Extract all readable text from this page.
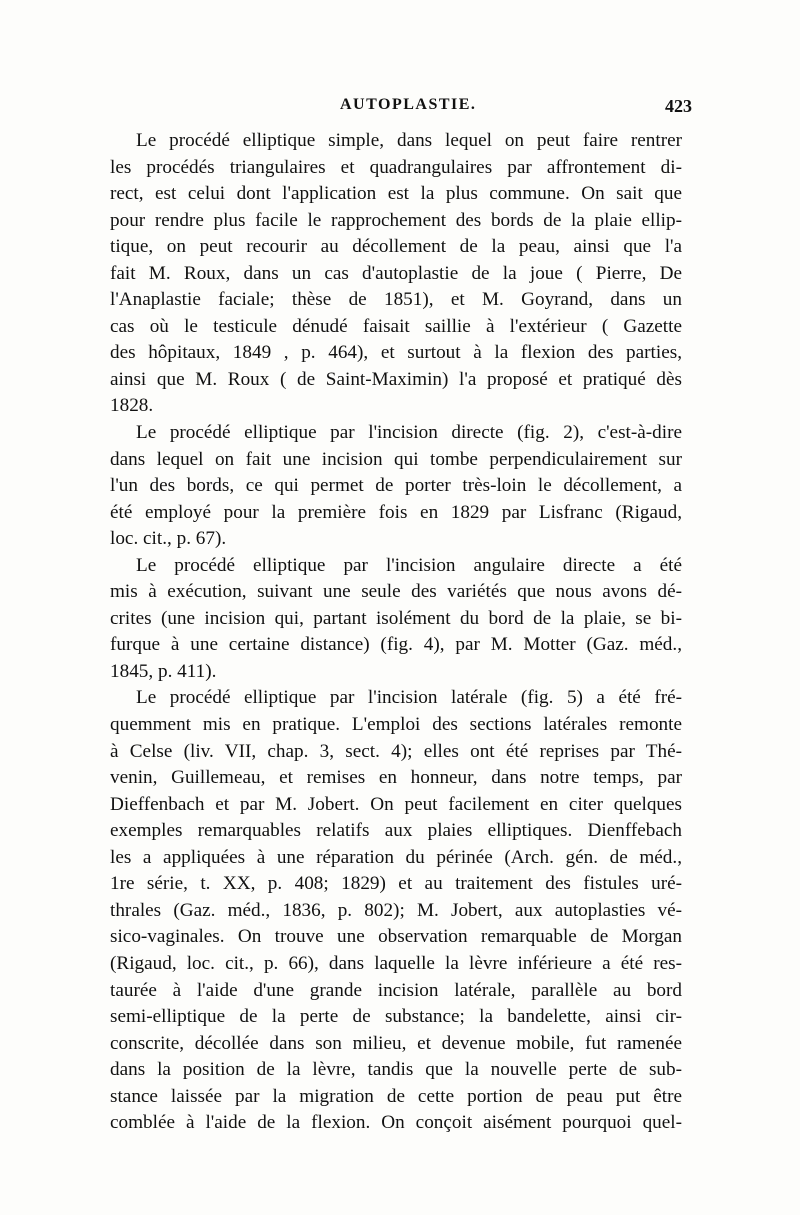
AUTOPLASTIE.	423
Le procédé elliptique simple, dans lequel on peut faire rentrer
les procédés triangulaires et quadrangulaires par affrontement di-
rect, est celui dont l'application est la plus commune. On sait que
pour rendre plus facile le rapprochement des bords de la plaie ellip-
tique, on peut recourir au décollement de la peau, ainsi que l'a
fait M. Roux, dans un cas d'autoplastie de la joue ( Pierre, De
l'Anaplastie faciale; thèse de 1851), et M. Goyrand, dans un
cas où le testicule dénudé faisait saillie à l'extérieur ( Gazette
des hôpitaux, 1849 , p. 464), et surtout à la flexion des parties,
ainsi que M. Roux ( de Saint-Maximin) l'a proposé et pratiqué dès
1828.
Le procédé elliptique par l'incision directe (fig. 2), c'est-à-dire
dans lequel on fait une incision qui tombe perpendiculairement sur
l'un des bords, ce qui permet de porter très-loin le décollement, a
été employé pour la première fois en 1829 par Lisfranc (Rigaud,
loc. cit., p. 67).
Le procédé elliptique par l'incision angulaire directe a été
mis à exécution, suivant une seule des variétés que nous avons dé-
crites (une incision qui, partant isolément du bord de la plaie, se bi-
furque à une certaine distance) (fig. 4), par M. Motter (Gaz. méd.,
1845, p. 411).
Le procédé elliptique par l'incision latérale (fig. 5) a été fré-
quemment mis en pratique. L'emploi des sections latérales remonte
à Celse (liv. VII, chap. 3, sect. 4); elles ont été reprises par Thé-
venin, Guillemeau, et remises en honneur, dans notre temps, par
Dieffenbach et par M. Jobert. On peut facilement en citer quelques
exemples remarquables relatifs aux plaies elliptiques. Dienffebach
les a appliquées à une réparation du périnée (Arch. gén. de méd.,
1re série, t. XX, p. 408; 1829) et au traitement des fistules uré-
thrales (Gaz. méd., 1836, p. 802); M. Jobert, aux autoplasties vé-
sico-vaginales. On trouve une observation remarquable de Morgan
(Rigaud, loc. cit., p. 66), dans laquelle la lèvre inférieure a été res-
taurée à l'aide d'une grande incision latérale, parallèle au bord
semi-elliptique de la perte de substance; la bandelette, ainsi cir-
conscrite, décollée dans son milieu, et devenue mobile, fut ramenée
dans la position de la lèvre, tandis que la nouvelle perte de sub-
stance laissée par la migration de cette portion de peau put être
comblée à l'aide de la flexion. On conçoit aisément pourquoi quel-
